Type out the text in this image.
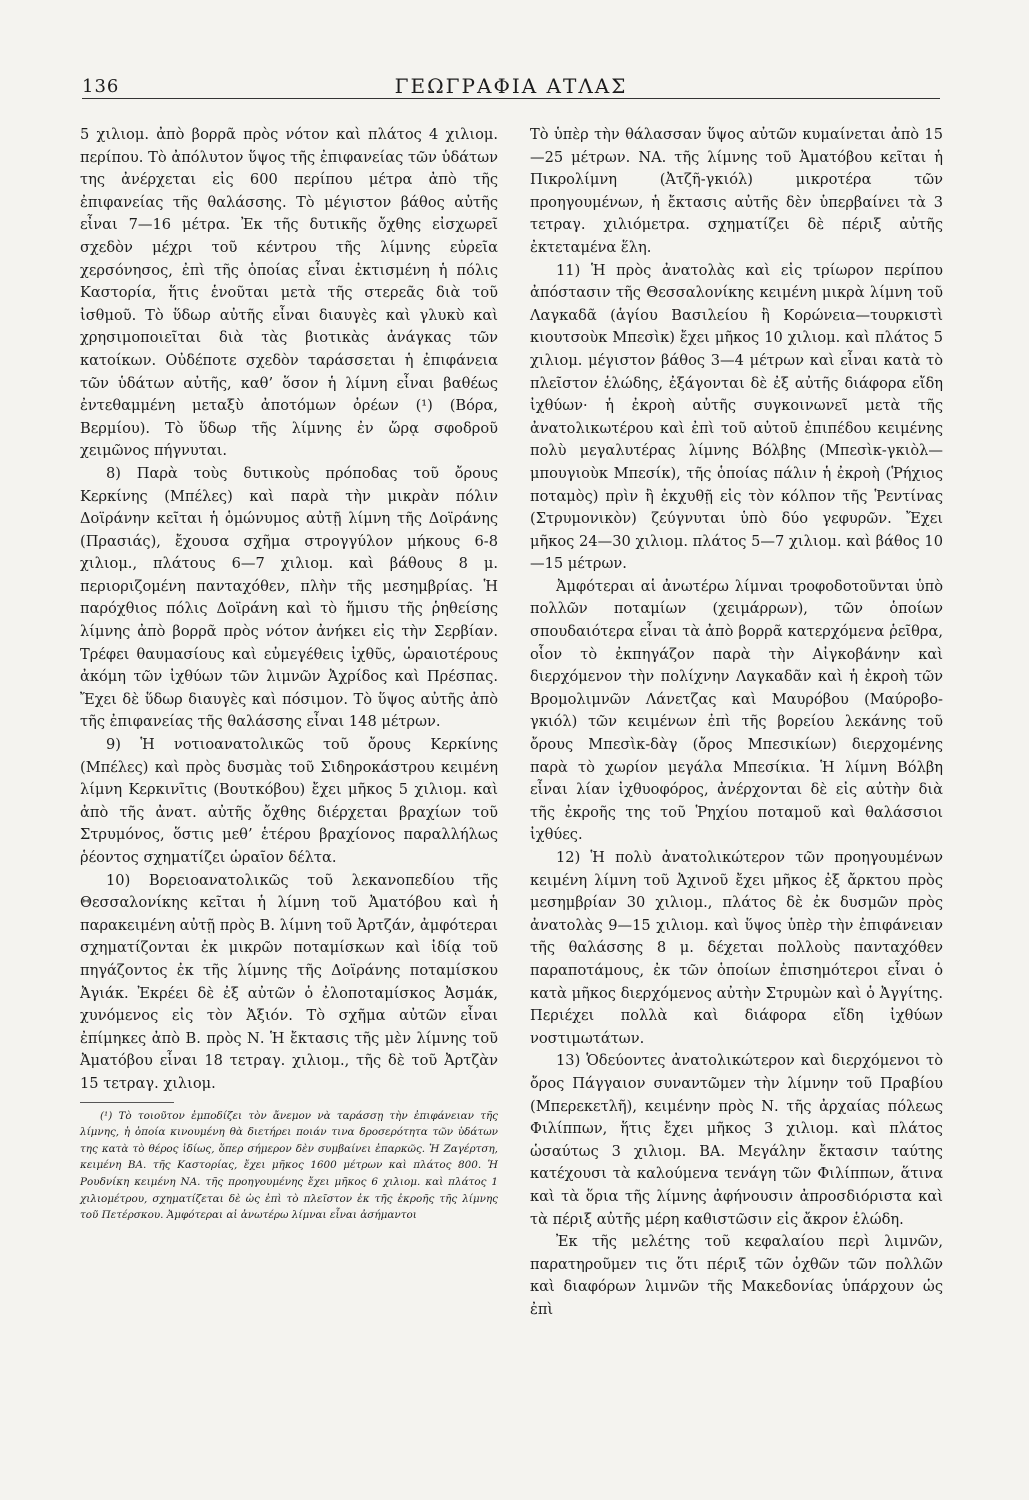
136	ΓΕΩΓΡΑΦΙΑ ΑΤΛΑΣ

5 χιλιομ. ἀπὸ βορρᾶ πρὸς νότον καὶ πλάτος 4 χιλιομ. περίπου. Τὸ ἀπόλυτον ὕψος τῆς ἐπιφανείας τῶν ὑδάτων της ἀνέρχεται εἰς 600 περίπου μέτρα ἀπὸ τῆς ἐπιφανείας τῆς θαλάσσης. Τὸ μέγιστον βάθος αὐτῆς εἶναι 7—16 μέτρα. Ἐκ τῆς δυτικῆς ὄχθης εἰσχωρεῖ σχεδὸν μέχρι τοῦ κέντρου τῆς λίμνης εὐρεῖα χερσόνησος, ἐπὶ τῆς ὁποίας εἶναι ἐκτισμένη ἡ πόλις Καστορία, ἥτις ἑνοῦται μετὰ τῆς στερεᾶς διὰ τοῦ ἰσθμοῦ. Τὸ ὕδωρ αὐτῆς εἶναι διαυγὲς καὶ γλυκὺ καὶ χρησιμοποιεῖται διὰ τὰς βιοτικὰς ἀνάγκας τῶν κατοίκων. Οὐδέποτε σχεδὸν ταράσσεται ἡ ἐπιφάνεια τῶν ὑδάτων αὐτῆς, καθ’ ὅσον ἡ λίμνη εἶναι βαθέως ἐντεθαμμένη μεταξὺ ἀποτόμων ὀρέων (¹) (Βόρα, Βερμίου). Τὸ ὕδωρ τῆς λίμνης ἐν ὥρᾳ σφοδροῦ χειμῶνος πήγνυται.

8) Παρὰ τοὺς δυτικοὺς πρόποδας τοῦ ὄρους Κερκίνης (Μπέλες) καὶ παρὰ τὴν μικρὰν πόλιν Δοϊράνην κεῖται ἡ ὁμώνυμος αὐτῇ λίμνη τῆς Δοϊράνης (Πρασιάς), ἔχουσα σχῆμα στρογγύλον μήκους 6-8 χιλιομ., πλάτους 6—7 χιλιομ. καὶ βάθους 8 μ. περιοριζομένη πανταχόθεν, πλὴν τῆς μεσημβρίας. Ἡ παρόχθιος πόλις Δοϊράνη καὶ τὸ ἥμισυ τῆς ῥηθείσης λίμνης ἀπὸ βορρᾶ πρὸς νότον ἀνήκει εἰς τὴν Σερβίαν. Τρέφει θαυμασίους καὶ εὐμεγέθεις ἰχθῦς, ὡραιοτέρους ἀκόμη τῶν ἰχθύων τῶν λιμνῶν Ἀχρίδος καὶ Πρέσπας. Ἔχει δὲ ὕδωρ διαυγὲς καὶ πόσιμον. Τὸ ὕψος αὐτῆς ἀπὸ τῆς ἐπιφανείας τῆς θαλάσσης εἶναι 148 μέτρων.

9) Ἡ νοτιοανατολικῶς τοῦ ὄρους Κερκίνης (Μπέλες) καὶ πρὸς δυσμὰς τοῦ Σιδηροκάστρου κειμένη λίμνη Κερκινῖτις (Βουτκόβου) ἔχει μῆκος 5 χιλιομ. καὶ ἀπὸ τῆς ἀνατ. αὐτῆς ὄχθης διέρχεται βραχίων τοῦ Στρυμόνος, ὅστις μεθ’ ἑτέρου βραχίονος παραλλήλως ῥέοντος σχηματίζει ὡραῖον δέλτα.

10) Βορειοανατολικῶς τοῦ λεκανοπεδίου τῆς Θεσσαλονίκης κεῖται ἡ λίμνη τοῦ Ἀματόβου καὶ ἡ παρακειμένη αὐτῇ πρὸς Β. λίμνη τοῦ Ἀρτζάν, ἀμφότεραι σχηματίζονται ἐκ μικρῶν ποταμίσκων καὶ ἰδίᾳ τοῦ πηγάζοντος ἐκ τῆς λίμνης τῆς Δοϊράνης ποταμίσκου Ἀγιάκ. Ἐκρέει δὲ ἐξ αὐτῶν ὁ ἐλοποταμίσκος Ἀσμάκ, χυνόμενος εἰς τὸν Ἀξιόν. Τὸ σχῆμα αὐτῶν εἶναι ἐπίμηκες ἀπὸ Β. πρὸς Ν. Ἡ ἔκτασις τῆς μὲν λίμνης τοῦ Ἀματόβου εἶναι 18 τετραγ. χιλιομ., τῆς δὲ τοῦ Ἀρτζὰν 15 τετραγ. χιλιομ.

(¹) Τὸ τοιοῦτον ἐμποδίζει τὸν ἄνεμον νὰ ταράσσῃ τὴν ἐπιφάνειαν τῆς λίμνης, ἡ ὁποία κινουμένη θὰ διετήρει ποιάν τινα δροσερότητα τῶν ὑδάτων της κατὰ τὸ θέρος ἰδίως, ὅπερ σήμερον δὲν συμβαίνει ἐπαρκῶς. Ἡ Ζαγέρτση, κειμένη ΒΑ. τῆς Καστορίας, ἔχει μῆκος 1600 μέτρων καὶ πλάτος 800. Ἡ Ρουδνίκη κειμένη ΝΑ. τῆς προηγουμένης ἔχει μῆκος 6 χιλιομ. καὶ πλάτος 1 χιλιομέτρου, σχηματίζεται δὲ ὡς ἐπὶ τὸ πλεῖστον ἐκ τῆς ἐκροῆς τῆς λίμνης τοῦ Πετέρσκου. Ἀμφότεραι αἱ ἀνωτέρω λίμναι εἶναι ἀσήμαντοι

Τὸ ὑπὲρ τὴν θάλασσαν ὕψος αὐτῶν κυμαίνεται ἀπὸ 15—25 μέτρων. ΝΑ. τῆς λίμνης τοῦ Ἀματόβου κεῖται ἡ Πικρολίμνη (Ἀτζῆ-γκιόλ) μικροτέρα τῶν προηγουμένων, ἡ ἔκτασις αὐτῆς δὲν ὑπερβαίνει τὰ 3 τετραγ. χιλιόμετρα. σχηματίζει δὲ πέριξ αὐτῆς ἐκτεταμένα ἕλη.

11) Ἡ πρὸς ἀνατολὰς καὶ εἰς τρίωρον περίπου ἀπόστασιν τῆς Θεσσαλονίκης κειμένη μικρὰ λίμνη τοῦ Λαγκαδᾶ (ἁγίου Βασιλείου ἢ Κορώνεια—τουρκιστὶ κιουτσοὺκ Μπεσὶκ) ἔχει μῆκος 10 χιλιομ. καὶ πλάτος 5 χιλιομ. μέγιστον βάθος 3—4 μέτρων καὶ εἶναι κατὰ τὸ πλεῖστον ἑλώδης, ἐξάγονται δὲ ἐξ αὐτῆς διάφορα εἴδη ἰχθύων· ἡ ἐκροὴ αὐτῆς συγκοινωνεῖ μετὰ τῆς ἀνατολικωτέρου καὶ ἐπὶ τοῦ αὐτοῦ ἐπιπέδου κειμένης πολὺ μεγαλυτέρας λίμνης Βόλβης (Μπεσὶκ-γκιὸλ—μπουγιοὺκ Μπεσίκ), τῆς ὁποίας πάλιν ἡ ἐκροὴ (Ῥήχιος ποταμὸς) πρὶν ἢ ἐκχυθῇ εἰς τὸν κόλπον τῆς Ῥεντίνας (Στρυμονικὸν) ζεύγνυται ὑπὸ δύο γεφυρῶν. Ἔχει μῆκος 24—30 χιλιομ. πλάτος 5—7 χιλιομ. καὶ βάθος 10—15 μέτρων.

Ἀμφότεραι αἱ ἀνωτέρω λίμναι τροφοδοτοῦνται ὑπὸ πολλῶν ποταμίων (χειμάρρων), τῶν ὁποίων σπουδαιότερα εἶναι τὰ ἀπὸ βορρᾶ κατερχόμενα ῥεῖθρα, οἷον τὸ ἐκπηγάζον παρὰ τὴν Αἰγκοβάνην καὶ διερχόμενον τὴν πολίχνην Λαγκαδᾶν καὶ ἡ ἐκροὴ τῶν Βρομολιμνῶν Λάνετζας καὶ Μαυρόβου (Μαύροβο-γκιόλ) τῶν κειμένων ἐπὶ τῆς βορείου λεκάνης τοῦ ὄρους Μπεσὶκ-δὰγ (ὄρος Μπεσικίων) διερχομένης παρὰ τὸ χωρίον μεγάλα Μπεσίκια. Ἡ λίμνη Βόλβη εἶναι λίαν ἰχθυοφόρος, ἀνέρχονται δὲ εἰς αὐτὴν διὰ τῆς ἐκροῆς της τοῦ Ῥηχίου ποταμοῦ καὶ θαλάσσιοι ἰχθύες.

12) Ἡ πολὺ ἀνατολικώτερον τῶν προηγουμένων κειμένη λίμνη τοῦ Ἀχινοῦ ἔχει μῆκος ἐξ ἄρκτου πρὸς μεσημβρίαν 30 χιλιομ., πλάτος δὲ ἐκ δυσμῶν πρὸς ἀνατολὰς 9—15 χιλιομ. καὶ ὕψος ὑπὲρ τὴν ἐπιφάνειαν τῆς θαλάσσης 8 μ. δέχεται πολλοὺς πανταχόθεν παραποτάμους, ἐκ τῶν ὁποίων ἐπισημότεροι εἶναι ὁ κατὰ μῆκος διερχόμενος αὐτὴν Στρυμὼν καὶ ὁ Ἀγγίτης. Περιέχει πολλὰ καὶ διάφορα εἴδη ἰχθύων νοστιμωτάτων.

13) Ὁδεύοντες ἀνατολικώτερον καὶ διερχόμενοι τὸ ὄρος Πάγγαιον συναντῶμεν τὴν λίμνην τοῦ Πραβίου (Μπερεκετλῆ), κειμένην πρὸς Ν. τῆς ἀρχαίας πόλεως Φιλίππων, ἥτις ἔχει μῆκος 3 χιλιομ. καὶ πλάτος ὡσαύτως 3 χιλιομ. ΒΑ. Μεγάλην ἔκτασιν ταύτης κατέχουσι τὰ καλούμενα τενάγη τῶν Φιλίππων, ἅτινα καὶ τὰ ὅρια τῆς λίμνης ἀφήνουσιν ἀπροσδιόριστα καὶ τὰ πέριξ αὐτῆς μέρη καθιστῶσιν εἰς ἄκρον ἑλώδη.

Ἐκ τῆς μελέτης τοῦ κεφαλαίου περὶ λιμνῶν, παρατηροῦμεν τις ὅτι πέριξ τῶν ὀχθῶν τῶν πολλῶν καὶ διαφόρων λιμνῶν τῆς Μακεδονίας ὑπάρχουν ὡς ἐπὶ
